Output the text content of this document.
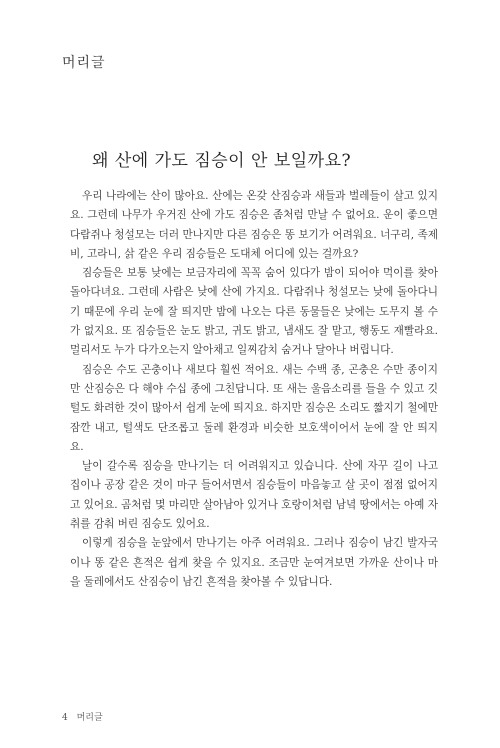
머리글
왜 산에 가도 짐승이 안 보일까요?

우리 나라에는 산이 많아요. 산에는 온갖 산짐승과 새들과 벌레들이 살고 있지요. 그런데 나무가 우거진 산에 가도 짐승은 좀처럼 만날 수 없어요. 운이 좋으면 다람쥐나 청설모는 더러 만나지만 다른 짐승은 똥 보기가 어려워요. 너구리, 족제비, 고라니, 삵 같은 우리 짐승들은 도대체 어디에 있는 걸까요?

짐승들은 보통 낮에는 보금자리에 꼭꼭 숨어 있다가 밤이 되어야 먹이를 찾아 돌아다녀요. 그런데 사람은 낮에 산에 가지요. 다람쥐나 청설모는 낮에 돌아다니기 때문에 우리 눈에 잘 띄지만 밤에 나오는 다른 동물들은 낮에는 도무지 볼 수가 없지요. 또 짐승들은 눈도 밝고, 귀도 밝고, 냄새도 잘 맡고, 행동도 재빨라요. 멀리서도 누가 다가오는지 알아채고 일찌감치 숨거나 달아나 버립니다.

짐승은 수도 곤충이나 새보다 훨씬 적어요. 새는 수백 종, 곤충은 수만 종이지만 산짐승은 다 해야 수십 종에 그친답니다. 또 새는 울음소리를 들을 수 있고 깃털도 화려한 것이 많아서 쉽게 눈에 띄지요. 하지만 짐승은 소리도 짧지기 철에만 잠깐 내고, 털색도 단조롭고 둘레 환경과 비슷한 보호색이어서 눈에 잘 안 띄지요.

날이 갈수록 짐승을 만나기는 더 어려워지고 있습니다. 산에 자꾸 길이 나고 집이나 공장 같은 것이 마구 들어서면서 짐승들이 마음놓고 살 곳이 점점 없어지고 있어요. 곰처럼 몇 마리만 살아남아 있거나 호랑이처럼 남녘 땅에서는 아예 자취를 감춰 버린 짐승도 있어요.

이렇게 짐승을 눈앞에서 만나기는 아주 어려워요. 그러나 짐승이 남긴 발자국이나 똥 같은 흔적은 쉽게 찾을 수 있지요. 조금만 눈여겨보면 가까운 산이나 마을 둘레에서도 산짐승이 남긴 흔적을 찾아볼 수 있답니다.

4 머리글
